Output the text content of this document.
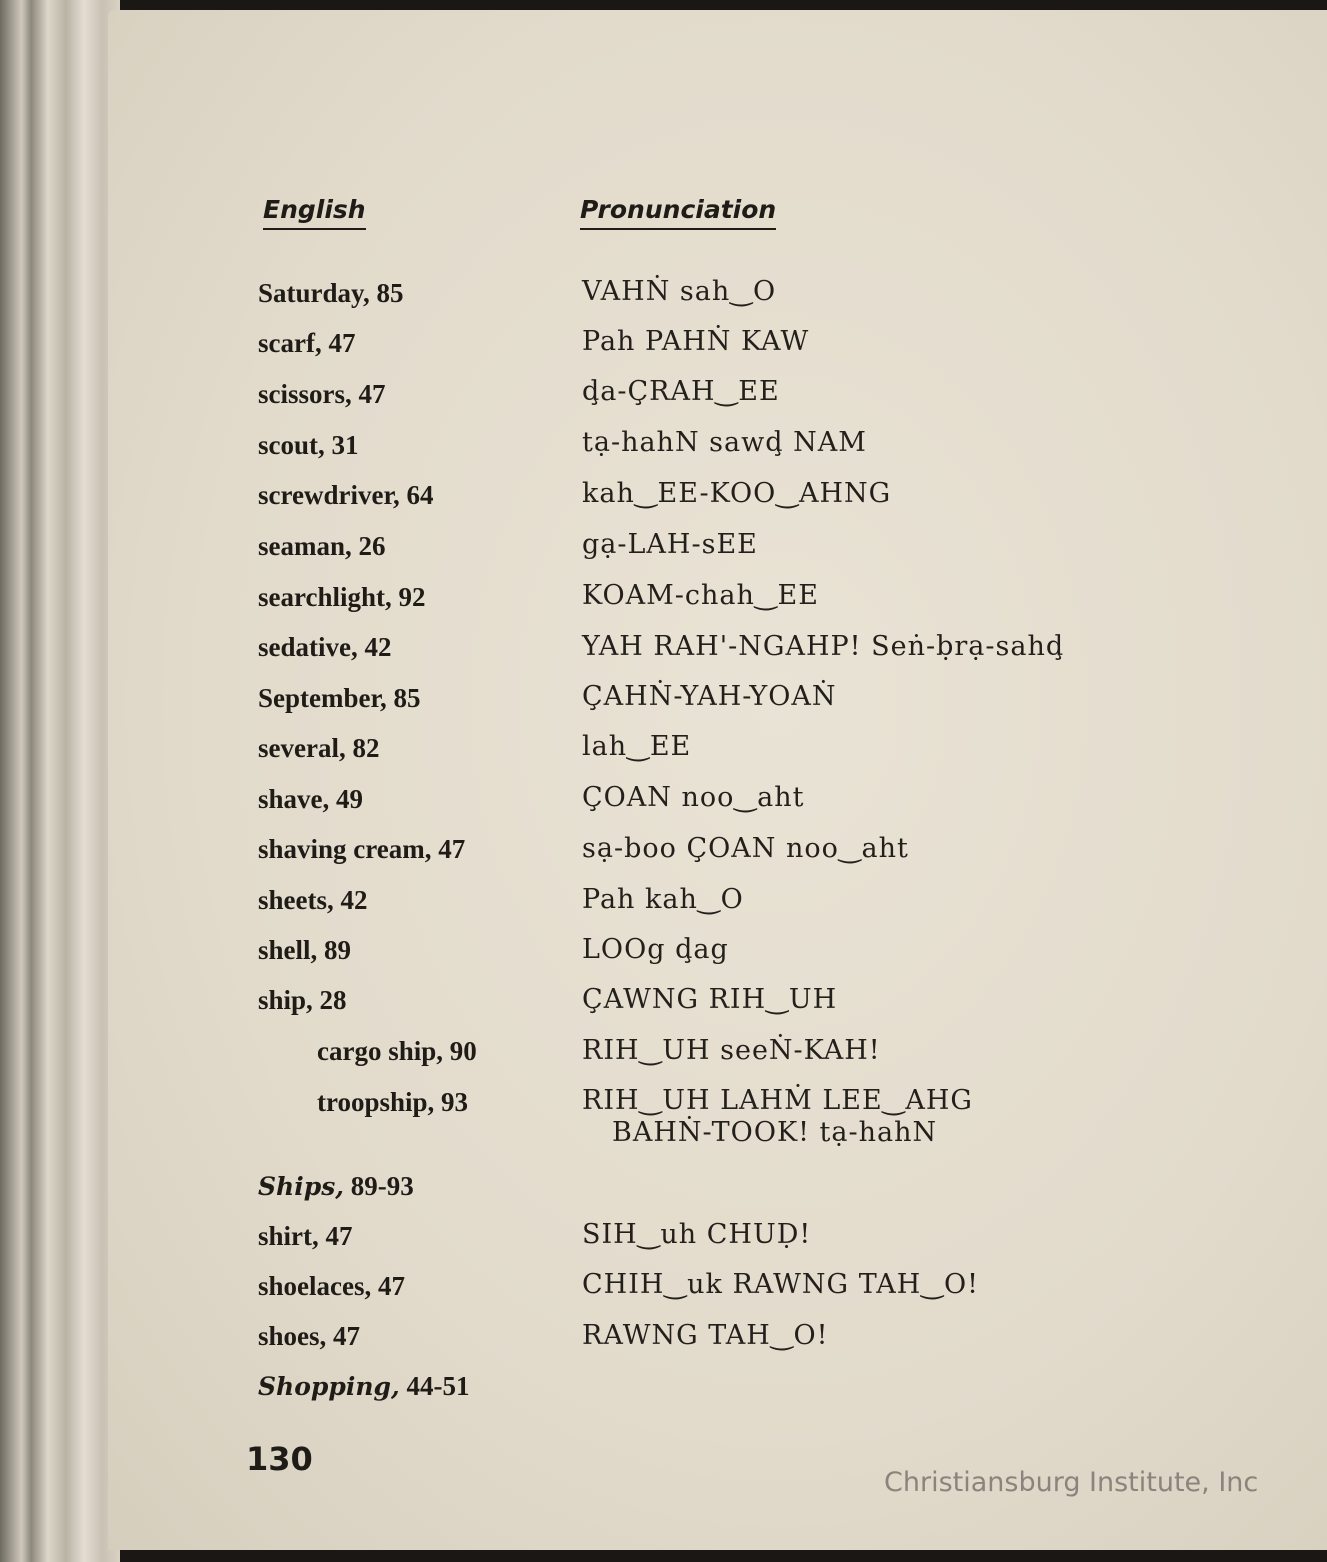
English	Pronunciation
Saturday, 85	VAHṄ sah‿O
scarf, 47	Pah PAHṄ KAW
scissors, 47	ḑa-ÇRAH‿EE
scout, 31	tạ-hahN sawḑ NAM
screwdriver, 64	kah‿EE-KOO‿AHNG
seaman, 26	gạ-LAH-sEE
searchlight, 92	KOAM-chah‿EE
sedative, 42	YAH RAH'-NGAHP! Seṅ-ḅrạ-sahḑ
September, 85	ÇAHṄ-YAH-YOAṄ
several, 82	lah‿EE
shave, 49	ÇOAN noo‿aht
shaving cream, 47	sạ-boo ÇOAN noo‿aht
sheets, 42	Pah kah‿O
shell, 89	LOOg ḑag
ship, 28	ÇAWNG RIH‿UH
cargo ship, 90	RIH‿UH seeṄ-KAH!
troopship, 93	RIH‿UH LAHṀ LEE‿AHG
BAHṄ-TOOK! tạ-hahN
Ships, 89-93
shirt, 47	SIH‿uh CHUḌ!
shoelaces, 47	CHIH‿uk RAWNG TAH‿O!
shoes, 47	RAWNG TAH‿O!
Shopping, 44-51
130
Christiansburg Institute, Inc
